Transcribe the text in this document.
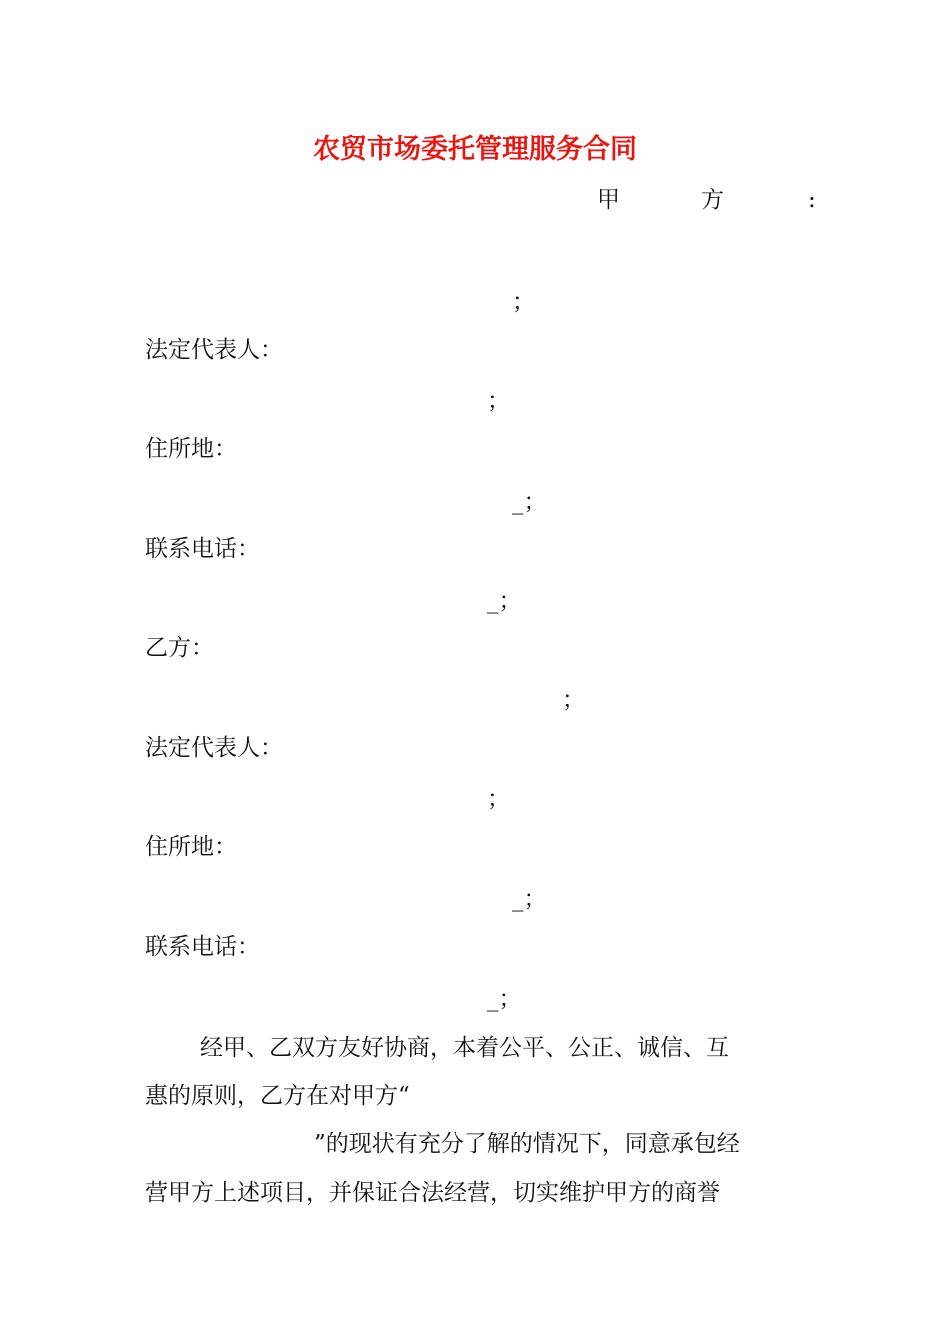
农贸市场委托管理服务合同
甲	方	:
；
法定代表人：
；
住所地：
_；
联系电话：
_；
乙方：
；
法定代表人：
；
住所地：
_；
联系电话：
_；
经甲、乙双方友好协商，本着公平、公正、诚信、互
惠的原则，乙方在对甲方“
”的现状有充分了解的情况下，同意承包经
营甲方上述项目，并保证合法经营，切实维护甲方的商誉
